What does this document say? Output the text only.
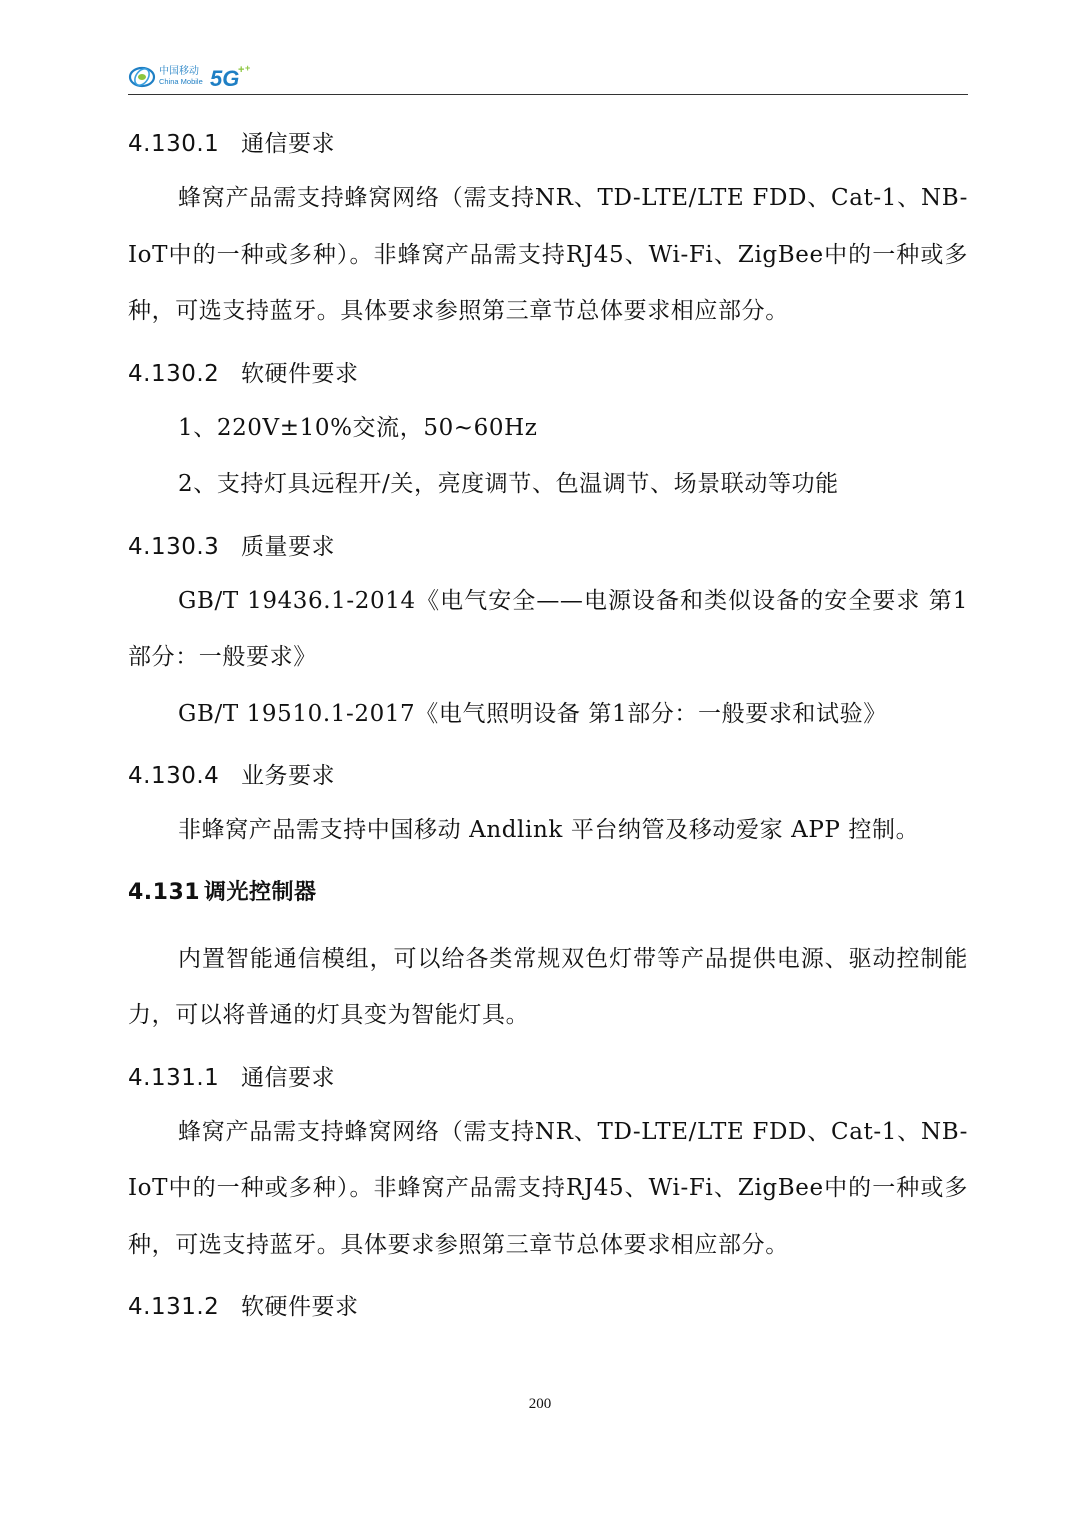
中国移动
China Mobile 5G
+ +
4.130.1 通信要求

蜂窝产品需支持蜂窝网络（需支持NR、TD-LTE/LTE FDD、Cat-1、NB-IoT中的一种或多种）。非蜂窝产品需支持RJ45、Wi-Fi、ZigBee中的一种或多种，可选支持蓝牙。具体要求参照第三章节总体要求相应部分。

4.130.2 软硬件要求

1、220V±10%交流，50~60Hz

2、支持灯具远程开/关，亮度调节、色温调节、场景联动等功能

4.130.3 质量要求

GB/T 19436.1-2014《电气安全——电源设备和类似设备的安全要求 第1部分：一般要求》

GB/T 19510.1-2017《电气照明设备 第1部分：一般要求和试验》

4.130.4 业务要求

非蜂窝产品需支持中国移动 Andlink 平台纳管及移动爱家 APP 控制。

4.131 调光控制器

内置智能通信模组，可以给各类常规双色灯带等产品提供电源、驱动控制能力，可以将普通的灯具变为智能灯具。

4.131.1 通信要求

蜂窝产品需支持蜂窝网络（需支持NR、TD-LTE/LTE FDD、Cat-1、NB-IoT中的一种或多种）。非蜂窝产品需支持RJ45、Wi-Fi、ZigBee中的一种或多种，可选支持蓝牙。具体要求参照第三章节总体要求相应部分。

4.131.2 软硬件要求
200
